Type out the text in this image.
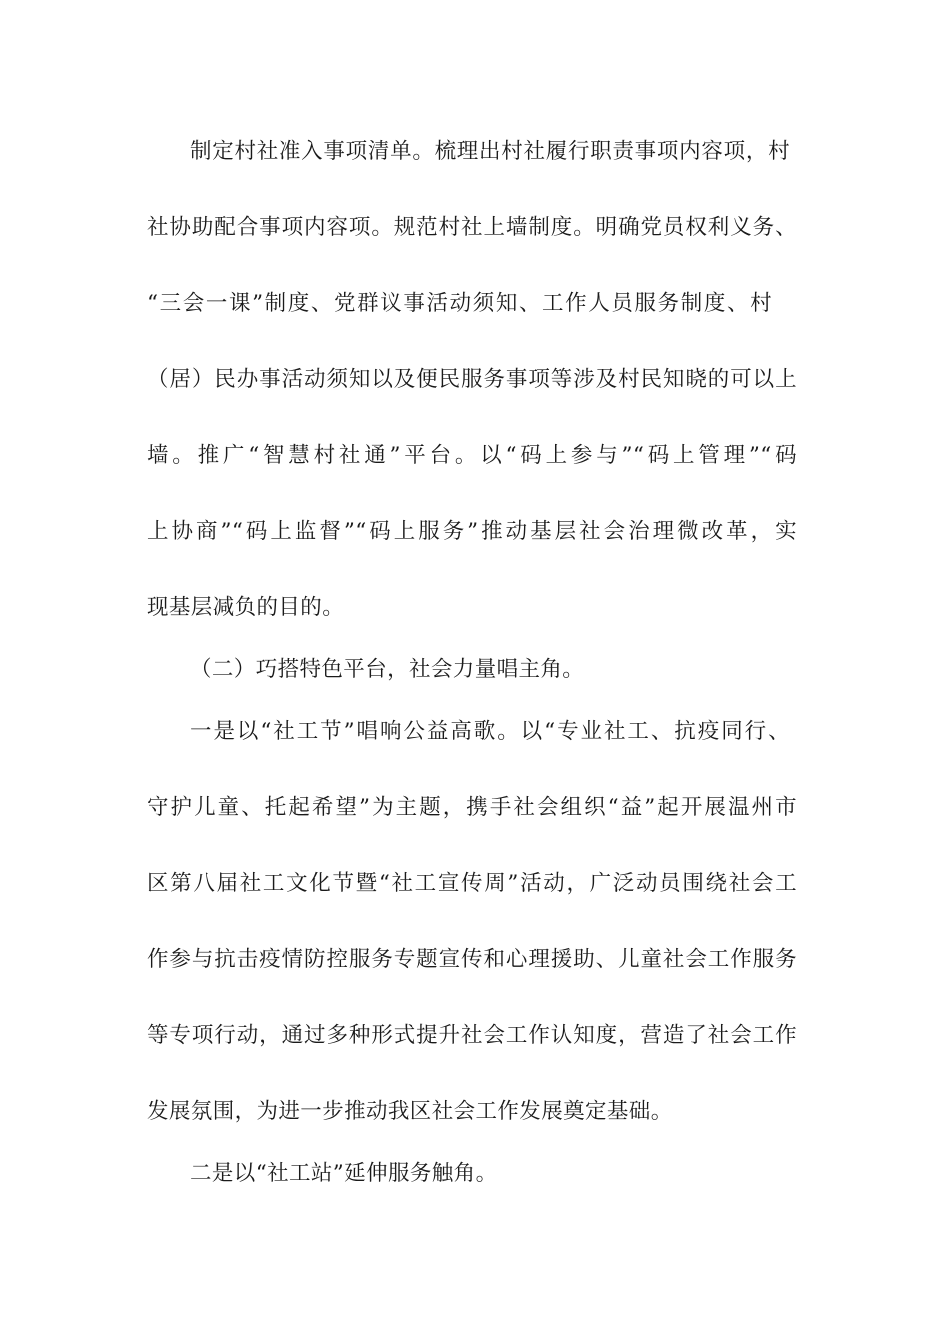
制定村社准入事项清单。梳理出村社履行职责事项内容项，村
社协助配合事项内容项。规范村社上墙制度。明确党员权利义务、
“三会一课”制度、党群议事活动须知、工作人员服务制度、村
（居）民办事活动须知以及便民服务事项等涉及村民知晓的可以上
墙。推广“智慧村社通”平台。以“码上参与”“码上管理”“码
上协商”“码上监督”“码上服务”推动基层社会治理微改革，实
现基层减负的目的。
（二）巧搭特色平台，社会力量唱主角。
一是以“社工节”唱响公益高歌。以“专业社工、抗疫同行、
守护儿童、托起希望”为主题，携手社会组织“益”起开展温州市
区第八届社工文化节暨“社工宣传周”活动，广泛动员围绕社会工
作参与抗击疫情防控服务专题宣传和心理援助、儿童社会工作服务
等专项行动，通过多种形式提升社会工作认知度，营造了社会工作
发展氛围，为进一步推动我区社会工作发展奠定基础。
二是以“社工站”延伸服务触角。
